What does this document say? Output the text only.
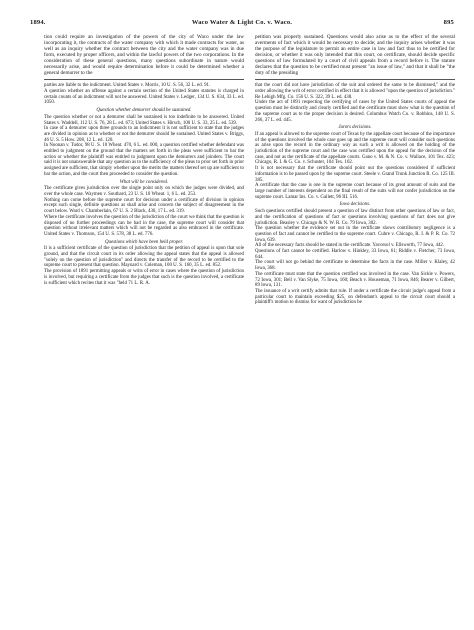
1894.	Waco Water & Light Co. v. Waco.	895

tion could require an investigation of the powers of the city of Waco under the law incorporating it, the contracts of the water company with which it made contracts for water, as well as an inquiry whether the contract between the city and the water company was in due form, executed by proper officers, and within the lawful powers of the two corporations. In the consideration of these general questions, many questions subordinate in nature would necessarily arise, and would require determination before it could be determined whether a general demurrer to the

parties are liable to the indictment. United States v. Morris, 10 U. S. 56, 32 L. ed. 91.

A question whether an offense against a certain section of the United States statutes is charged in certain counts of an indictment will not be answered. United States v. Ledger, 134 U. S. 634, 33 L. ed. 1050.

Question whether demurrer should be sustained.

The question whether or not a demurrer shall be sustained is too indefinite to be answered. United States v. Waddell, 112 U. S. 76, 28 L. ed. 673; United States v. Hirsch, 100 U. S. 33, 25 L. ed. 539.

In case of a demurrer upon three grounds to an indictment it is not sufficient to state that the judges are divided in opinion as to whether or not the demurrer should be sustained. United States v. Briggs, 46 U. S. 5 How. 208, 12 L. ed. 120.

In Noonan v. Tudor, 98 U. S. 10 Wheat. 470, 6 L. ed. 000, a question certified whether defendant was entitled to judgment on the ground that the matters set forth in the pleas were sufficient to bar the action or whether the plaintiff was entitled to judgment upon the demurrers and joinders. The court said it is not unanswerable that any question as to the sufficiency of the pleas to prior set forth in prior assigned are sufficient, that simply whether upon the merits the matters thereof set up are sufficient to bar the action, and the court then proceeded to consider the question.

What will be considered.

The certificate gives jurisdiction over the single point only on which the judges were divided, and over the whole case. Waymen v. Southard, 23 U. S. 10 Wheat. 1, 6 L. ed. 253.

Nothing can come before the supreme court for decision under a certificate of division in opinion except such single, definite questions as shall arise and concern the subject of disagreement in the court below. Ward v. Chamberlain, 67 U. S. 2 Black, 430, 17 L. ed. 319.

Where the certificate involves the question of the jurisdiction of the court we think that the question is disposed of no further proceedings can be had in the case, the supreme court will consider that question without irrelevant matters which will not be regarded as also embraced in the certificate. United States v. Thomson, 154 U. S. 578, 38 L. ed. 776.

Questions which have been held proper.

It is a sufficient certificate of the question of jurisdiction that the petition of appeal is upon that sole ground, and that the circuit court in its order allowing the appeal states that the appeal is allowed "solely on the question of jurisdiction" and directs the transfer of the record to be certified to the supreme court to present that question. Maynard v. Coleman, 100 U. S. 160, 35 L. ed. 852.

The provision of 1891 permitting appeals or writs of error in cases where the question of jurisdiction is involved, but requiring a certificate from the judges that such is the question involved, a certificate is sufficient which recites that it was "held 71 L. R. A.

petition was properly sustained. Questions would also arise as to the effect of the several averments of fact which it would be necessary to decide; and the inquiry arises whether it was the purpose of the legislature to permit an entire case in law and fact thus to be certified for decision, or whether it was only intended that this court, on certificate, should decide specific questions of law formulated by a court of civil appeals from a record before it. The statute declares that the question to be certified must present "an issue of law," and that it shall be "the duty of the presiding

that the court did not have jurisdiction of the suit and ordered the same to be dismissed," and the order allowing the writ of error certified in effect that it is allowed "upon the question of jurisdiction." Re Lehigh Mfg. Co. 156 U. S. 322, 39 L. ed. 438.

Under the act of 1891 respecting the certifying of cases by the United States courts of appeal the question must be distinctly and clearly certified and the certificate must show what is the question of the supreme court as to the proper decision is desired. Columbus Watch Co. v. Robbins, 148 U. S. 266, 37 L. ed. 445.

Jurors decisions.

If an appeal is allowed to the supreme court of Texas by the appellate court because of the importance of the questions involved the whole case goes up and the supreme court will consider such questions as arise upon the record in the ordinary way as such a writ is allowed on the holding of the jurisdiction of the supreme court and the case was certified upon the appeal for the decision of the case, and not as the certificate of the appellate courts. Gano v. M. & N. Co. v. Wallace, 101 Tex. 423; Chicago, R. I. & G. Co. v. Schuster, 104 Tex. 102.

It is not necessary that the certificate should point out the questions considered if sufficient information is to be passed upon by the supreme court. Steele v. Grand Trunk Junction R. Co. 125 III. 385.

A certificate that the case is one in the supreme court because of its great amount of suits and the large number of interests dependent on the final result of the suits will not confer jurisdiction on the supreme court. Lamar Ins. Co. v. Gallett, 96 III. 516.

Iowa decisions.

Such questions certified should present a question of law distinct from other questions of law or fact, and the certification of questions of fact or questions involving questions of fact does not give jurisdiction. Beasley v. Chicago & N. W. R. Co. 79 Iowa, 302.

The question whether the evidence set out in the certificate shows contributory negligence is a question of fact and cannot be certified to the supreme court. Cubre v. Chicago, R. I. & P. R. Co. 72 Iowa, 639.

All of the necessary facts should be stated in the certificate. Yavorsol v. Ellsworth, 77 Iowa, 442.

Questions of fact cannot be certified. Harlow v. Hinkley, 33 Iowa, 61; Riddle v. Fletcher, 73 Iowa, 644.

The court will not go behind the certificate to determine the facts in the case. Miller v. Klaley, 42 Iowa, 368.

The certificate must state that the question certified was involved in the case. Van Sickle v. Powers, 72 Iowa, 301; Bell v. Van Slyke, 75 Iowa, 160; Beach v. Houseman, 71 Iowa, 846; Bearer v. Gilbert, 89 Iowa, 131.

The issuance of a writ certify admits that rule. If under a certificate the circuit judge's appeal from a particular court to maintain exceeding $25, on defendant's appeal to the circuit court should a plaintiff's motion to dismiss for want of jurisdiction be
